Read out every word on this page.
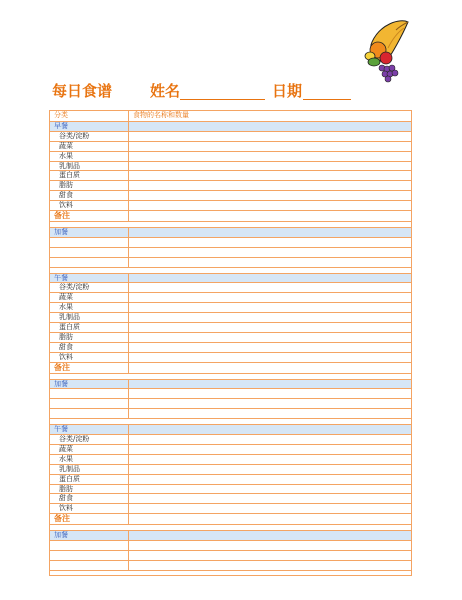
每日食谱	姓名	日期
分类	食物的名称和数量
早餐
谷类/淀粉
蔬菜
水果
乳制品
蛋白质
脂肪
甜食
饮料
备注
加餐
午餐
谷类/淀粉
蔬菜
水果
乳制品
蛋白质
脂肪
甜食
饮料
备注
加餐
午餐
谷类/淀粉
蔬菜
水果
乳制品
蛋白质
脂肪
甜食
饮料
备注
加餐
